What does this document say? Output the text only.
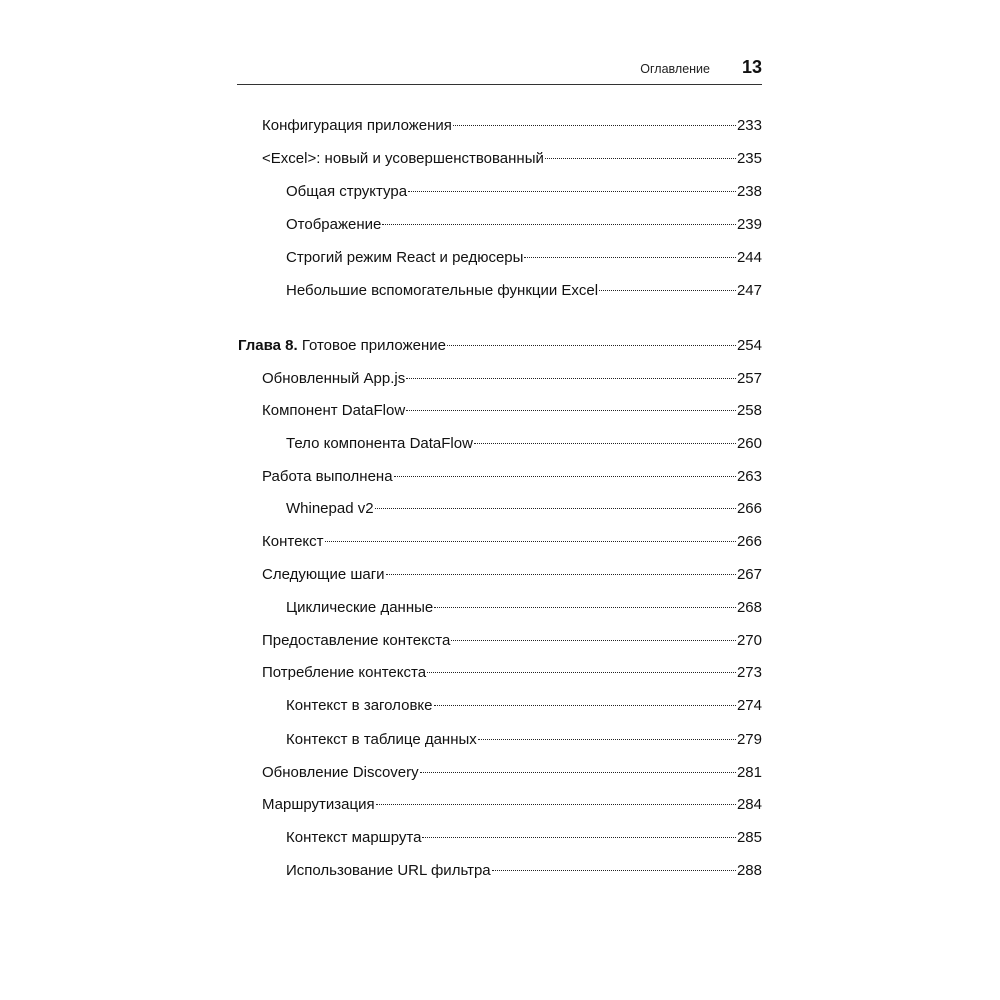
Оглавление 13
Конфигурация приложения	233
<Excel>: новый и усовершенствованный	235
Общая структура	238
Отображение	239
Строгий режим React и редюсеры	244
Небольшие вспомогательные функции Excel	247
Глава 8. Готовое приложение	254
Обновленный App.js	257
Компонент DataFlow	258
Тело компонента DataFlow	260
Работа выполнена	263
Whinepad v2	266
Контекст	266
Следующие шаги	267
Циклические данные	268
Предоставление контекста	270
Потребление контекста	273
Контекст в заголовке	274
Контекст в таблице данных	279
Обновление Discovery	281
Маршрутизация	284
Контекст маршрута	285
Использование URL фильтра	288
